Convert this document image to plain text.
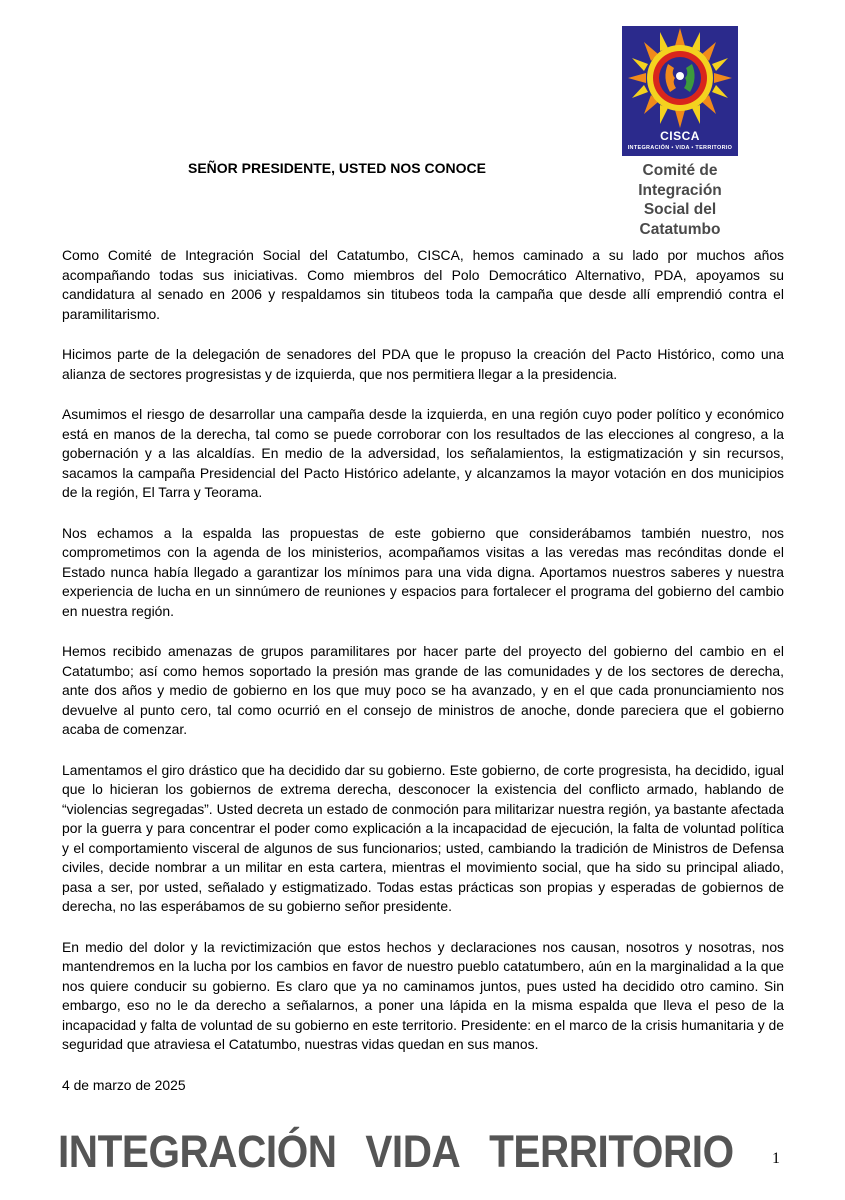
CISCA
INTEGRACIÓN • VIDA • TERRITORIO
Comité de
Integración
Social del
Catatumbo
SEÑOR PRESIDENTE, USTED NOS CONOCE

Como Comité de Integración Social del Catatumbo, CISCA, hemos caminado a su lado por muchos años acompañando todas sus iniciativas. Como miembros del Polo Democrático Alternativo, PDA, apoyamos su candidatura al senado en 2006 y respaldamos sin titubeos toda la campaña que desde allí emprendió contra el paramilitarismo.

Hicimos parte de la delegación de senadores del PDA que le propuso la creación del Pacto Histórico, como una alianza de sectores progresistas y de izquierda, que nos permitiera llegar a la presidencia.

Asumimos el riesgo de desarrollar una campaña desde la izquierda, en una región cuyo poder político y económico está en manos de la derecha, tal como se puede corroborar con los resultados de las elecciones al congreso, a la gobernación y a las alcaldías. En medio de la adversidad, los señalamientos, la estigmatización y sin recursos, sacamos la campaña Presidencial del Pacto Histórico adelante, y alcanzamos la mayor votación en dos municipios de la región, El Tarra y Teorama.

Nos echamos a la espalda las propuestas de este gobierno que considerábamos también nuestro, nos comprometimos con la agenda de los ministerios, acompañamos visitas a las veredas mas recónditas donde el Estado nunca había llegado a garantizar los mínimos para una vida digna. Aportamos nuestros saberes y nuestra experiencia de lucha en un sinnúmero de reuniones y espacios para fortalecer el programa del gobierno del cambio en nuestra región.

Hemos recibido amenazas de grupos paramilitares por hacer parte del proyecto del gobierno del cambio en el Catatumbo; así como hemos soportado la presión mas grande de las comunidades y de los sectores de derecha, ante dos años y medio de gobierno en los que muy poco se ha avanzado, y en el que cada pronunciamiento nos devuelve al punto cero, tal como ocurrió en el consejo de ministros de anoche, donde pareciera que el gobierno acaba de comenzar.

Lamentamos el giro drástico que ha decidido dar su gobierno. Este gobierno, de corte progresista, ha decidido, igual que lo hicieran los gobiernos de extrema derecha, desconocer la existencia del conflicto armado, hablando de “violencias segregadas”. Usted decreta un estado de conmoción para militarizar nuestra región, ya bastante afectada por la guerra y para concentrar el poder como explicación a la incapacidad de ejecución, la falta de voluntad política y el comportamiento visceral de algunos de sus funcionarios; usted, cambiando la tradición de Ministros de Defensa civiles, decide nombrar a un militar en esta cartera, mientras el movimiento social, que ha sido su principal aliado, pasa a ser, por usted, señalado y estigmatizado. Todas estas prácticas son propias y esperadas de gobiernos de derecha, no las esperábamos de su gobierno señor presidente.

En medio del dolor y la revictimización que estos hechos y declaraciones nos causan, nosotros y nosotras, nos mantendremos en la lucha por los cambios en favor de nuestro pueblo catatumbero, aún en la marginalidad a la que nos quiere conducir su gobierno. Es claro que ya no caminamos juntos, pues usted ha decidido otro camino. Sin embargo, eso no le da derecho a señalarnos, a poner una lápida en la misma espalda que lleva el peso de la incapacidad y falta de voluntad de su gobierno en este territorio. Presidente: en el marco de la crisis humanitaria y de seguridad que atraviesa el Catatumbo, nuestras vidas quedan en sus manos.

4 de marzo de 2025
INTEGRACIÓN VIDA TERRITORIO 1
